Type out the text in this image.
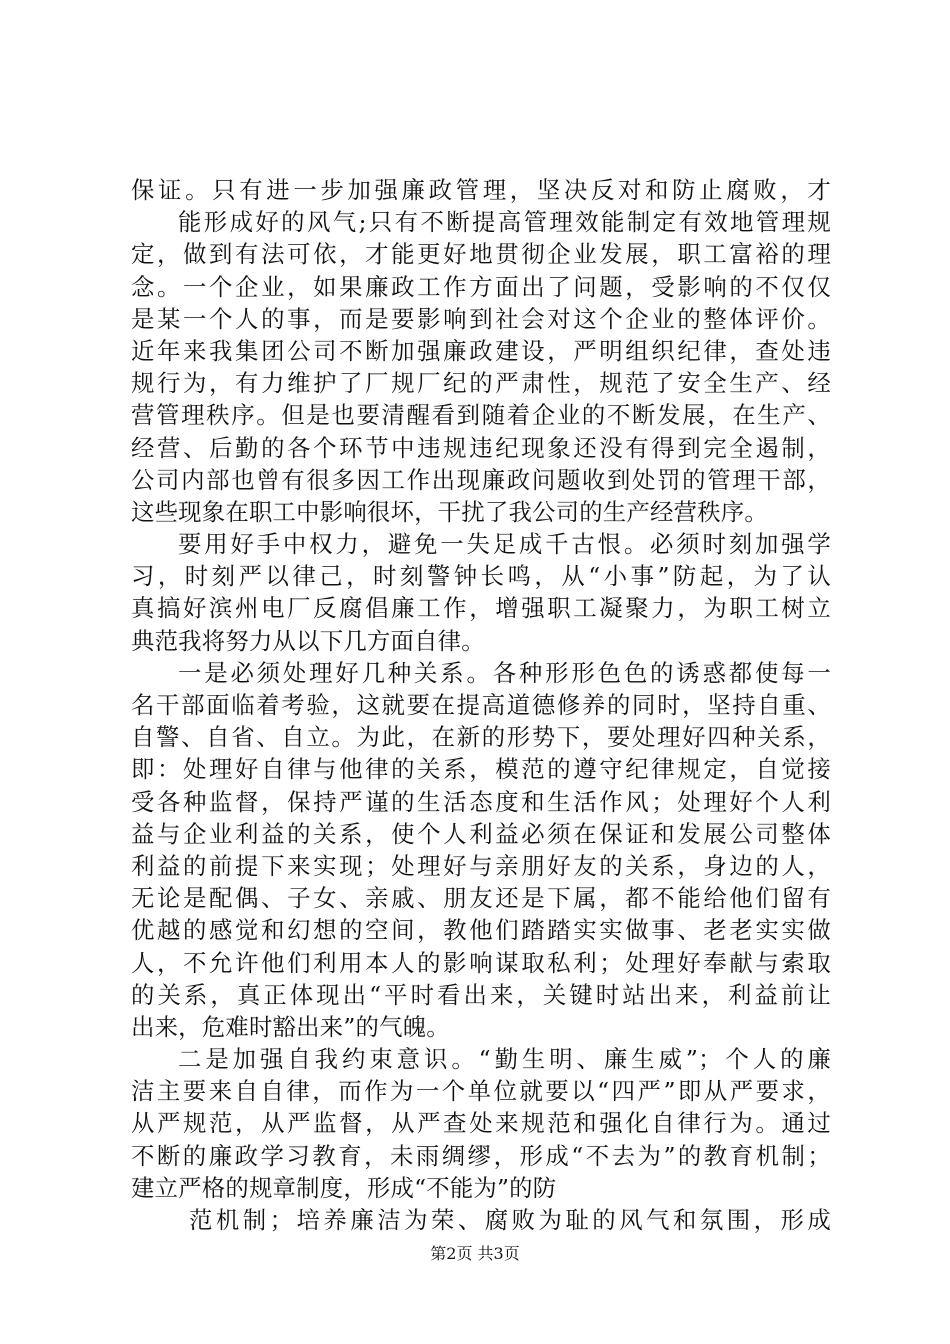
保证。只有进一步加强廉政管理，坚决反对和防止腐败，才
能形成好的风气;只有不断提高管理效能制定有效地管理规
定，做到有法可依，才能更好地贯彻企业发展，职工富裕的理
念。一个企业，如果廉政工作方面出了问题，受影响的不仅仅
是某一个人的事，而是要影响到社会对这个企业的整体评价。
近年来我集团公司不断加强廉政建设，严明组织纪律，查处违
规行为，有力维护了厂规厂纪的严肃性，规范了安全生产、经
营管理秩序。但是也要清醒看到随着企业的不断发展，在生产、
经营、后勤的各个环节中违规违纪现象还没有得到完全遏制，
公司内部也曾有很多因工作出现廉政问题收到处罚的管理干部，
这些现象在职工中影响很坏，干扰了我公司的生产经营秩序。
要用好手中权力，避免一失足成千古恨。必须时刻加强学
习，时刻严以律己，时刻警钟长鸣，从“小事”防起，为了认
真搞好滨州电厂反腐倡廉工作，增强职工凝聚力，为职工树立
典范我将努力从以下几方面自律。
一是必须处理好几种关系。各种形形色色的诱惑都使每一
名干部面临着考验，这就要在提高道德修养的同时，坚持自重、
自警、自省、自立。为此，在新的形势下，要处理好四种关系，
即：处理好自律与他律的关系，模范的遵守纪律规定，自觉接
受各种监督，保持严谨的生活态度和生活作风；处理好个人利
益与企业利益的关系，使个人利益必须在保证和发展公司整体
利益的前提下来实现；处理好与亲朋好友的关系，身边的人，
无论是配偶、子女、亲戚、朋友还是下属，都不能给他们留有
优越的感觉和幻想的空间，教他们踏踏实实做事、老老实实做
人，不允许他们利用本人的影响谋取私利；处理好奉献与索取
的关系，真正体现出“平时看出来，关键时站出来，利益前让
出来，危难时豁出来”的气魄。
二是加强自我约束意识。“勤生明、廉生威”；个人的廉
洁主要来自自律，而作为一个单位就要以“四严”即从严要求，
从严规范，从严监督，从严查处来规范和强化自律行为。通过
不断的廉政学习教育，未雨绸缪，形成“不去为”的教育机制；
建立严格的规章制度，形成“不能为”的防
范机制；培养廉洁为荣、腐败为耻的风气和氛围，形成
第2页 共3页
